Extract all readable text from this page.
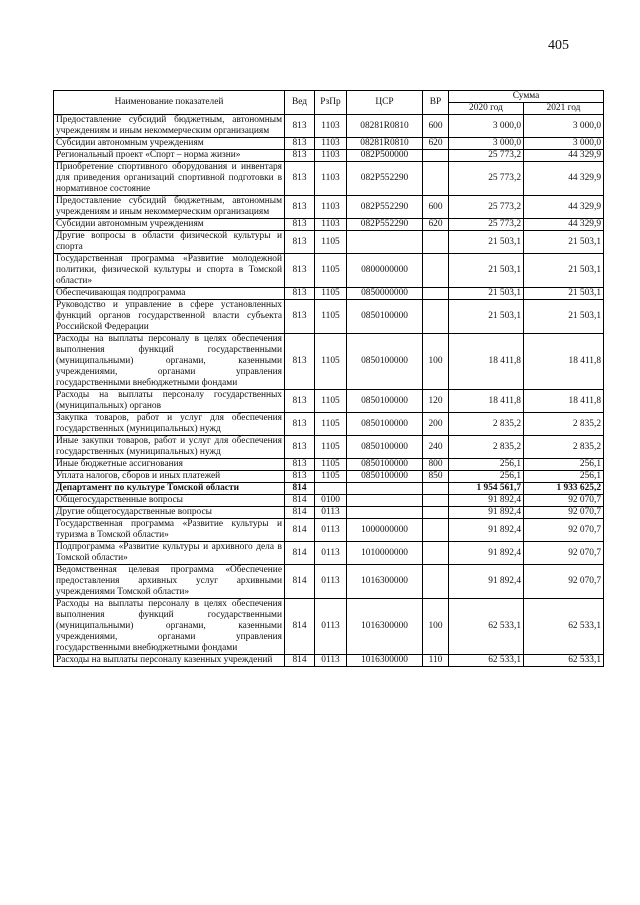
405
Наименование показателей	Вед	РзПр	ЦСР	ВР	Сумма	
					2020 год	2021 год
Предоставление субсидий бюджетным, автономным учреждениям и иным некоммерческим организациям	813	1103	08281R0810	600	3 000,0	3 000,0
Субсидии автономным учреждениям	813	1103	08281R0810	620	3 000,0	3 000,0
Региональный проект «Спорт – норма жизни»	813	1103	082P500000		25 773,2	44 329,9
Приобретение спортивного оборудования и инвентаря для приведения организаций спортивной подготовки в нормативное состояние	813	1103	082P552290		25 773,2	44 329,9
Предоставление субсидий бюджетным, автономным учреждениям и иным некоммерческим организациям	813	1103	082P552290	600	25 773,2	44 329,9
Субсидии автономным учреждениям	813	1103	082P552290	620	25 773,2	44 329,9
Другие вопросы в области физической культуры и спорта	813	1105			21 503,1	21 503,1
Государственная программа «Развитие молодежной политики, физической культуры и спорта в Томской области»	813	1105	0800000000		21 503,1	21 503,1
Обеспечивающая подпрограмма	813	1105	0850000000		21 503,1	21 503,1
Руководство и управление в сфере установленных функций органов государственной власти субъекта Российской Федерации	813	1105	0850100000		21 503,1	21 503,1
Расходы на выплаты персоналу в целях обеспечения выполнения функций государственными (муниципальными) органами, казенными учреждениями, органами управления государственными внебюджетными фондами	813	1105	0850100000	100	18 411,8	18 411,8
Расходы на выплаты персоналу государственных (муниципальных) органов	813	1105	0850100000	120	18 411,8	18 411,8
Закупка товаров, работ и услуг для обеспечения государственных (муниципальных) нужд	813	1105	0850100000	200	2 835,2	2 835,2
Иные закупки товаров, работ и услуг для обеспечения государственных (муниципальных) нужд	813	1105	0850100000	240	2 835,2	2 835,2
Иные бюджетные ассигнования	813	1105	0850100000	800	256,1	256,1
Уплата налогов, сборов и иных платежей	813	1105	0850100000	850	256,1	256,1
Департамент по культуре Томской области	814				1 954 561,7	1 933 625,2
Общегосударственные вопросы	814	0100			91 892,4	92 070,7
Другие общегосударственные вопросы	814	0113			91 892,4	92 070,7
Государственная программа «Развитие культуры и туризма в Томской области»	814	0113	1000000000		91 892,4	92 070,7
Подпрограмма «Развитие культуры и архивного дела в Томской области»	814	0113	1010000000		91 892,4	92 070,7
Ведомственная целевая программа «Обеспечение предоставления архивных услуг архивными учреждениями Томской области»	814	0113	1016300000		91 892,4	92 070,7
Расходы на выплаты персоналу в целях обеспечения выполнения функций государственными (муниципальными) органами, казенными учреждениями, органами управления государственными внебюджетными фондами	814	0113	1016300000	100	62 533,1	62 533,1
Расходы на выплаты персоналу казенных учреждений	814	0113	1016300000	110	62 533,1	62 533,1
